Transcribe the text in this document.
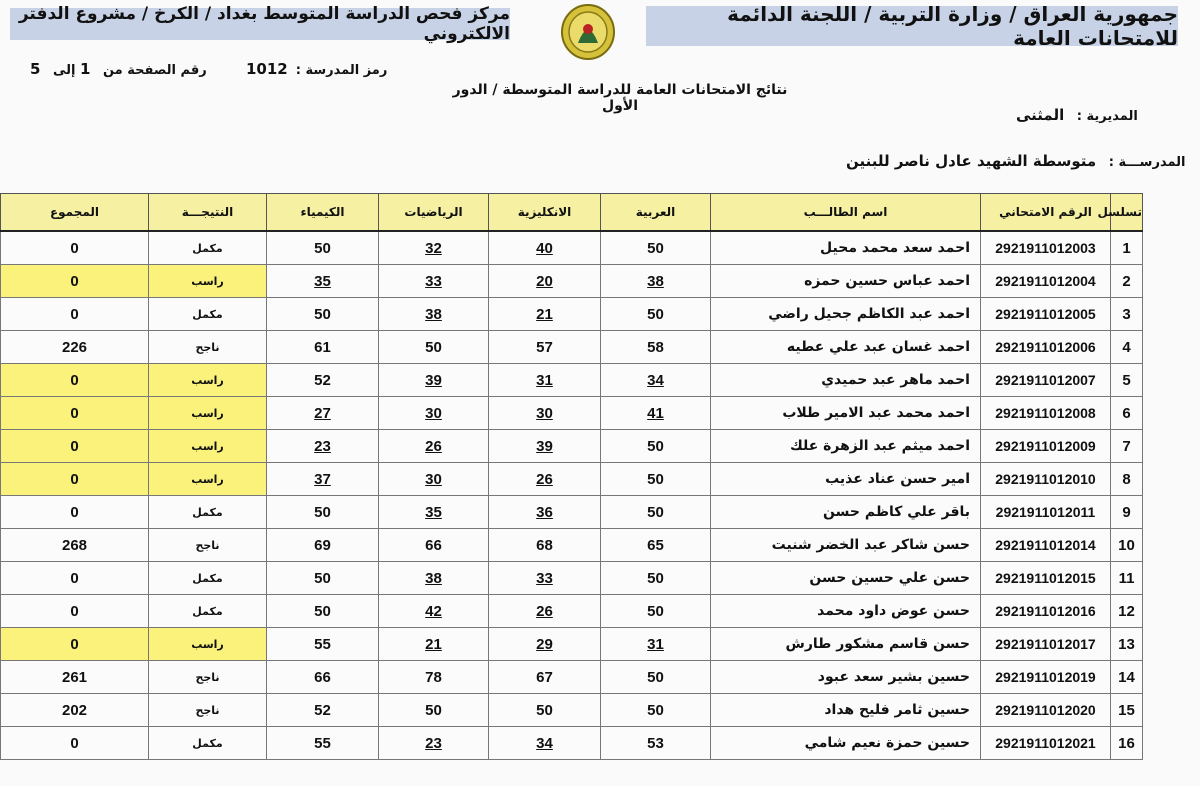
مركز فحص الدراسة المتوسط بغداد / الكرخ / مشروع الدفتر الالكتروني
جمهورية العراق / وزارة التربية / اللجنة الدائمة للامتحانات العامة
رمز المدرسة :1012
رقم الصفحة من 1 إلى 5
نتائج الامتحانات العامة للدراسة المتوسطة / الدور الأول
المديرية : المثنى
المدرســـة : متوسطة الشهيد عادل ناصر للبنين
تسلسل	الرقم الامتحاني	اسم الطالـــب	العربية	الانكليزية	الرياضيات	الكيمياء	النتيجـــة	المجموع
1	2921911012003	احمد سعد محمد محيل	50	40	32	50	مكمل	0
2	2921911012004	احمد عباس حسين حمزه	38	20	33	35	راسب	0
3	2921911012005	احمد عبد الكاظم جحيل راضي	50	21	38	50	مكمل	0
4	2921911012006	احمد غسان عبد علي عطيه	58	57	50	61	ناجح	226
5	2921911012007	احمد ماهر عبد حميدي	34	31	39	52	راسب	0
6	2921911012008	احمد محمد عبد الامير طلاب	41	30	30	27	راسب	0
7	2921911012009	احمد ميثم عبد الزهرة علك	50	39	26	23	راسب	0
8	2921911012010	امير حسن عناد عذيب	50	26	30	37	راسب	0
9	2921911012011	باقر علي كاظم حسن	50	36	35	50	مكمل	0
10	2921911012014	حسن شاكر عبد الخضر شنيت	65	68	66	69	ناجح	268
11	2921911012015	حسن علي حسين حسن	50	33	38	50	مكمل	0
12	2921911012016	حسن عوض داود محمد	50	26	42	50	مكمل	0
13	2921911012017	حسن قاسم مشكور طارش	31	29	21	55	راسب	0
14	2921911012019	حسين بشير سعد عبود	50	67	78	66	ناجح	261
15	2921911012020	حسين ثامر فليح هداد	50	50	50	52	ناجح	202
16	2921911012021	حسين حمزة نعيم شامي	53	34	23	55	مكمل	0
